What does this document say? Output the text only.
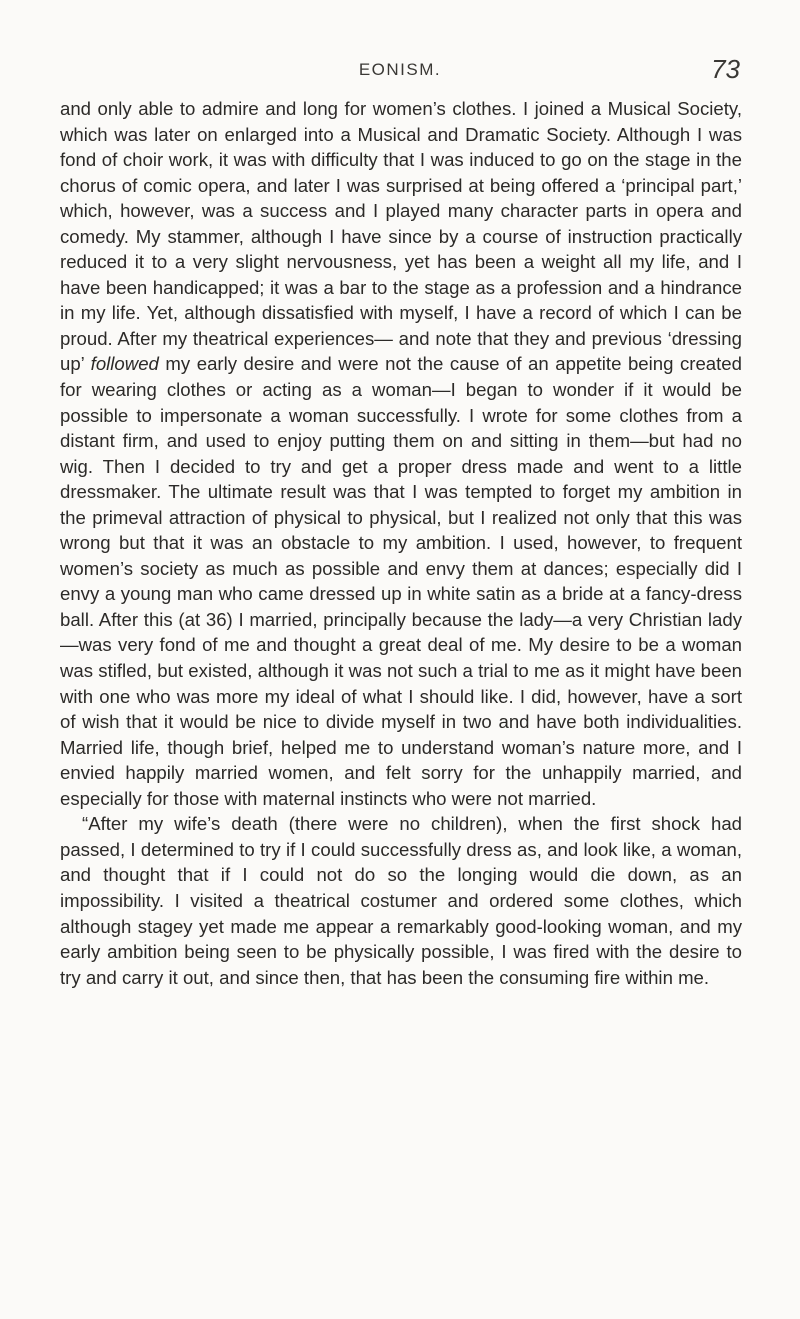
EONISM.	73

and only able to admire and long for women’s clothes. I joined a Musical Society, which was later on enlarged into a Musical and Dramatic Society. Although I was fond of choir work, it was with difficulty that I was induced to go on the stage in the chorus of comic opera, and later I was surprised at being offered a ‘principal part,’ which, however, was a success and I played many character parts in opera and comedy. My stammer, although I have since by a course of instruction practically reduced it to a very slight nervousness, yet has been a weight all my life, and I have been handicapped; it was a bar to the stage as a profession and a hindrance in my life. Yet, although dissatisfied with myself, I have a record of which I can be proud. After my theatrical experiences— and note that they and previous ‘dressing up’ followed my early desire and were not the cause of an appetite being created for wearing clothes or acting as a woman—I began to wonder if it would be possible to impersonate a woman successfully. I wrote for some clothes from a distant firm, and used to enjoy putting them on and sitting in them—but had no wig. Then I decided to try and get a proper dress made and went to a little dressmaker. The ultimate result was that I was tempted to forget my ambition in the primeval attraction of physical to physical, but I realized not only that this was wrong but that it was an obstacle to my ambition. I used, however, to frequent women’s society as much as possible and envy them at dances; especially did I envy a young man who came dressed up in white satin as a bride at a fancy-dress ball. After this (at 36) I married, principally because the lady—a very Christian lady—was very fond of me and thought a great deal of me. My desire to be a woman was stifled, but existed, although it was not such a trial to me as it might have been with one who was more my ideal of what I should like. I did, however, have a sort of wish that it would be nice to divide myself in two and have both individualities. Married life, though brief, helped me to understand woman’s nature more, and I envied happily married women, and felt sorry for the unhappily married, and especially for those with maternal instincts who were not married.

“After my wife’s death (there were no children), when the first shock had passed, I determined to try if I could successfully dress as, and look like, a woman, and thought that if I could not do so the longing would die down, as an impossibility. I visited a theatrical costumer and ordered some clothes, which although stagey yet made me appear a remarkably good-looking woman, and my early ambition being seen to be physically possible, I was fired with the desire to try and carry it out, and since then, that has been the consuming fire within me.
